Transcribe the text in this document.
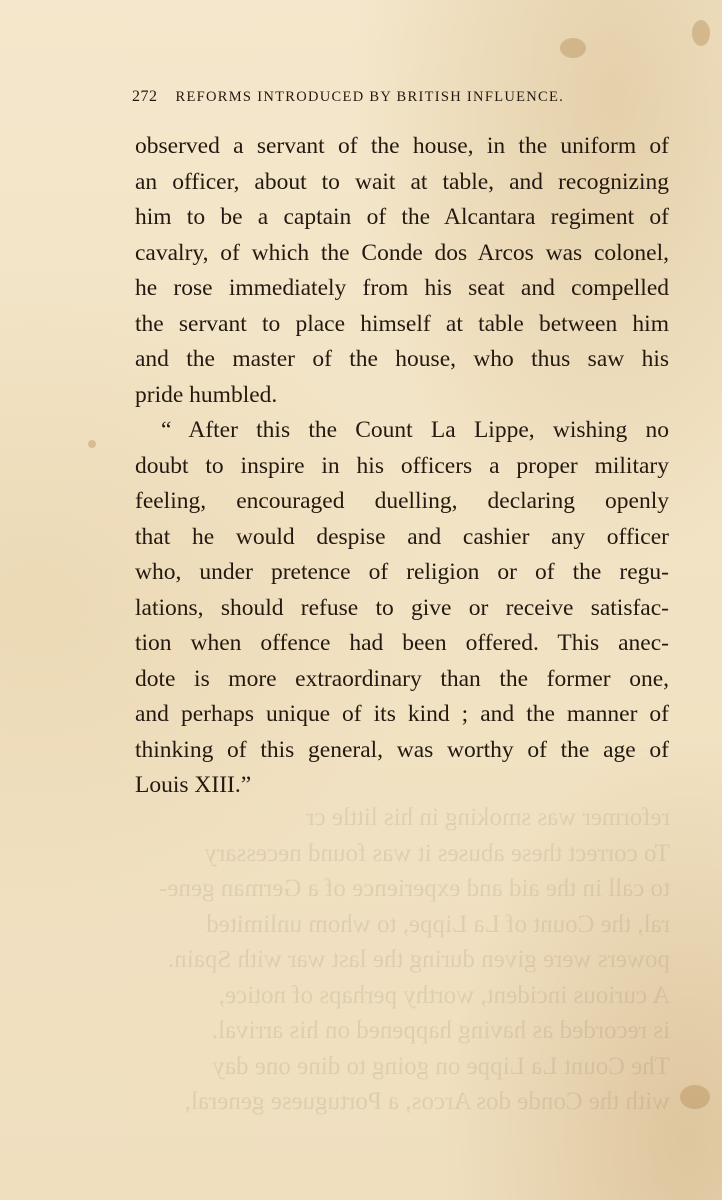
reformer was smoking in his little cr
To correct these abuses it was found necessary
to call in the aid and experience of a German gene-
ral, the Count of La Lippe, to whom unlimited
powers were given during the last war with Spain.
A curious incident, worthy perhaps of notice,
is recorded as having happened on his arrival.
The Count La Lippe on going to dine one day
with the Conde dos Arcos, a Portuguese general,
272 REFORMS INTRODUCED BY BRITISH INFLUENCE.
observed a servant of the house, in the uniform of
an officer, about to wait at table, and recognizing
him to be a captain of the Alcantara regiment of
cavalry, of which the Conde dos Arcos was colonel,
he rose immediately from his seat and compelled
the servant to place himself at table between him
and the master of the house, who thus saw his
pride humbled.
“ After this the Count La Lippe, wishing no
doubt to inspire in his officers a proper military
feeling, encouraged duelling, declaring openly
that he would despise and cashier any officer
who, under pretence of religion or of the regu-
lations, should refuse to give or receive satisfac-
tion when offence had been offered. This anec-
dote is more extraordinary than the former one,
and perhaps unique of its kind ; and the manner of
thinking of this general, was worthy of the age of
Louis XIII.”
